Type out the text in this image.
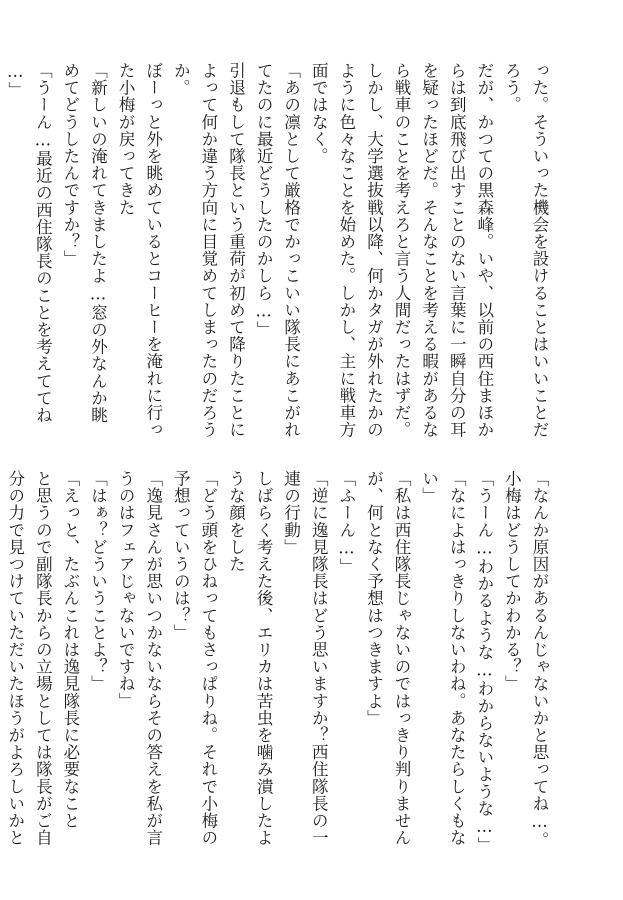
った。そういった機会を設けることはいいことだ
ろう。
だが、かつての黒森峰。いや、以前の西住まほか
らは到底飛び出すことのない言葉に一瞬自分の耳
を疑ったほどだ。そんなことを考える暇があるな
ら戦車のことを考えろと言う人間だったはずだ。
しかし、大学選抜戦以降、何かタガが外れたかの
ように色々なことを始めた。しかし、主に戦車方
面ではなく。
「あの凛として厳格でかっこいい隊長にあこがれ
てたのに最近どうしたのかしら…」
引退もして隊長という重荷が初めて降りたことに
よって何か違う方向に目覚めてしまったのだろう
か。
ぼーっと外を眺めているとコーヒーを淹れに行っ
た小梅が戻ってきた
「新しいの淹れてきましたよ…窓の外なんか眺
めてどうしたんですか？」
「うーん…最近の西住隊長のことを考えててね
…」
「なんか原因があるんじゃないかと思ってね…。
小梅はどうしてかわかる？」
「うーん…わかるような…わからないような…」
「なによはっきりしないわね。あなたらしくもな
い」
「私は西住隊長じゃないのではっきり判りません
が、何となく予想はつきますよ」
「ふーん…」
「逆に逸見隊長はどう思いますか？西住隊長の一
連の行動」
しばらく考えた後、エリカは苦虫を噛み潰したよ
うな顔をした
「どう頭をひねってもさっぱりね。それで小梅の
予想っていうのは？」
「逸見さんが思いつかないならその答えを私が言
うのはフェアじゃないですね」
「はぁ？どういうことよ？」
「えっと、たぶんこれは逸見隊長に必要なこと
と思うので副隊長からの立場としては隊長がご自
分の力で見つけていただいたほうがよろしいかと
